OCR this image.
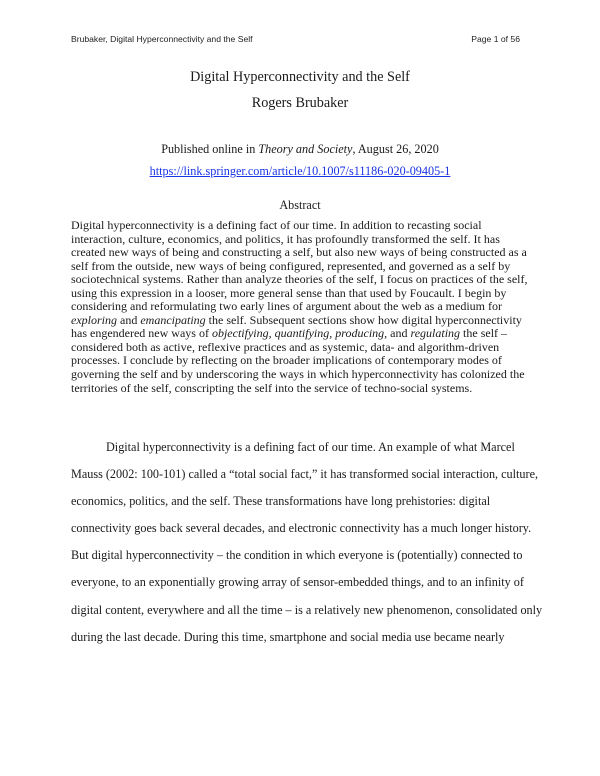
Brubaker, Digital Hyperconnectivity and the Self	Page 1 of 56
Digital Hyperconnectivity and the Self
Rogers Brubaker
Published online in Theory and Society, August 26, 2020
https://link.springer.com/article/10.1007/s11186-020-09405-1
Abstract
Digital hyperconnectivity is a defining fact of our time. In addition to recasting social
interaction, culture, economics, and politics, it has profoundly transformed the self. It has
created new ways of being and constructing a self, but also new ways of being constructed as a
self from the outside, new ways of being configured, represented, and governed as a self by
sociotechnical systems. Rather than analyze theories of the self, I focus on practices of the self,
using this expression in a looser, more general sense than that used by Foucault. I begin by
considering and reformulating two early lines of argument about the web as a medium for
exploring and emancipating the self. Subsequent sections show how digital hyperconnectivity
has engendered new ways of objectifying, quantifying, producing, and regulating the self –
considered both as active, reflexive practices and as systemic, data- and algorithm-driven
processes. I conclude by reflecting on the broader implications of contemporary modes of
governing the self and by underscoring the ways in which hyperconnectivity has colonized the
territories of the self, conscripting the self into the service of techno-social systems.
Digital hyperconnectivity is a defining fact of our time. An example of what Marcel
Mauss (2002: 100-101) called a “total social fact,” it has transformed social interaction, culture,
economics, politics, and the self. These transformations have long prehistories: digital
connectivity goes back several decades, and electronic connectivity has a much longer history.
But digital hyperconnectivity – the condition in which everyone is (potentially) connected to
everyone, to an exponentially growing array of sensor-embedded things, and to an infinity of
digital content, everywhere and all the time – is a relatively new phenomenon, consolidated only
during the last decade. During this time, smartphone and social media use became nearly
